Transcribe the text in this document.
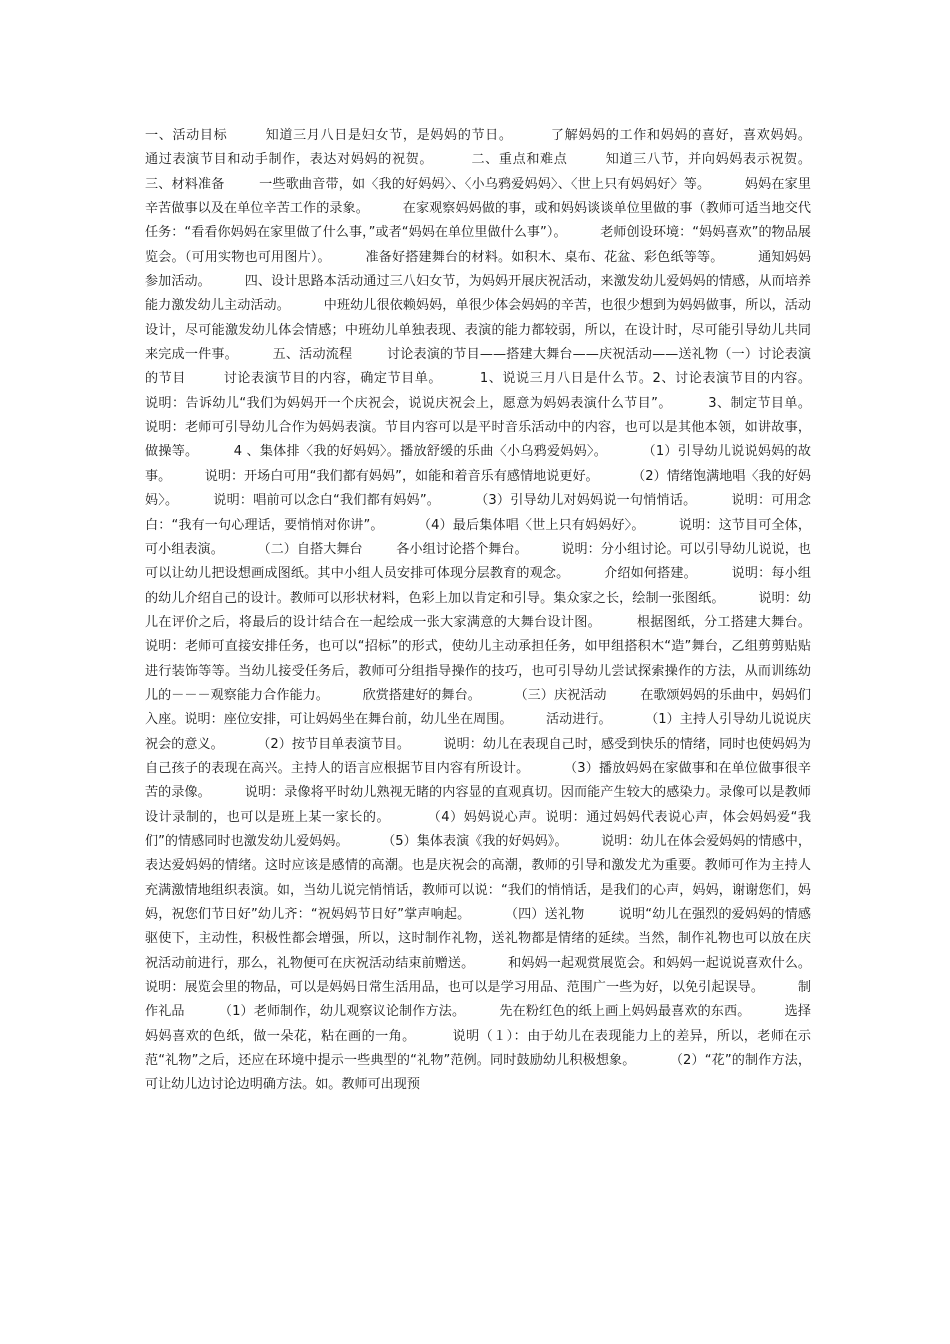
一、活动目标        知道三月八日是妇女节，是妈妈的节日。        了解妈妈的工作和妈妈的喜好，喜欢妈妈。        通过表演节目和动手制作，表达对妈妈的祝贺。        二、重点和难点        知道三八节，并向妈妈表示祝贺。        三、材料准备        一些歌曲音带，如〈我的好妈妈〉、〈小乌鸦爱妈妈〉、〈世上只有妈妈好〉等。        妈妈在家里辛苦做事以及在单位辛苦工作的录象。        在家观察妈妈做的事，或和妈妈谈谈单位里做的事（教师可适当地交代任务：“看看你妈妈在家里做了什么事，”或者“妈妈在单位里做什么事”）。        老师创设环境：“妈妈喜欢”的物品展览会。（可用实物也可用图片）。        准备好搭建舞台的材料。如积木、桌布、花盆、彩色纸等等。        通知妈妈参加活动。        四、设计思路本活动通过三八妇女节，为妈妈开展庆祝活动，来激发幼儿爱妈妈的情感，从而培养能力激发幼儿主动活动。        中班幼儿很依赖妈妈，单很少体会妈妈的辛苦，也很少想到为妈妈做事，所以，活动设计，尽可能激发幼儿体会情感；中班幼儿单独表现、表演的能力都较弱，所以，在设计时，尽可能引导幼儿共同来完成一件事。        五、活动流程        讨论表演的节目——搭建大舞台——庆祝活动——送礼物（一）讨论表演的节目        讨论表演节目的内容，确定节目单。        1、说说三月八日是什么节。2、讨论表演节目的内容。        说明：告诉幼儿“我们为妈妈开一个庆祝会，说说庆祝会上，愿意为妈妈表演什么节目”。        3、制定节目单。        说明：老师可引导幼儿合作为妈妈表演。节目内容可以是平时音乐活动中的内容，也可以是其他本领，如讲故事，做操等。        4 、集体排〈我的好妈妈〉。播放舒缓的乐曲〈小乌鸦爱妈妈〉。        （1）引导幼儿说说妈妈的故事。        说明：开场白可用“我们都有妈妈”，如能和着音乐有感情地说更好。        （2）情绪饱满地唱〈我的好妈妈〉。        说明：唱前可以念白“我们都有妈妈”。        （3）引导幼儿对妈妈说一句悄悄话。        说明：可用念白：“我有一句心理话，要悄悄对你讲”。        （4）最后集体唱〈世上只有妈妈好〉。        说明：这节目可全体，可小组表演。        （二）自搭大舞台        各小组讨论搭个舞台。        说明：分小组讨论。可以引导幼儿说说，也可以让幼儿把设想画成图纸。其中小组人员安排可体现分层教育的观念。        介绍如何搭建。        说明：每小组的幼儿介绍自己的设计。教师可以形状材料，色彩上加以肯定和引导。集众家之长，绘制一张图纸。        说明：幼儿在评价之后，将最后的设计结合在一起绘成一张大家满意的大舞台设计图。        根据图纸，分工搭建大舞台。        说明：老师可直接安排任务，也可以“招标”的形式，使幼儿主动承担任务，如甲组搭积木“造”舞台，乙组剪剪贴贴进行装饰等等。当幼儿接受任务后，教师可分组指导操作的技巧，也可引导幼儿尝试探索操作的方法，从而训练幼儿的－－－观察能力合作能力。        欣赏搭建好的舞台。        （三）庆祝活动        在歌颂妈妈的乐曲中，妈妈们入座。说明：座位安排，可让妈妈坐在舞台前，幼儿坐在周围。        活动进行。        （1）主持人引导幼儿说说庆祝会的意义。        （2）按节目单表演节目。        说明：幼儿在表现自己时，感受到快乐的情绪，同时也使妈妈为自己孩子的表现在高兴。主持人的语言应根据节目内容有所设计。        （3）播放妈妈在家做事和在单位做事很辛苦的录像。        说明：录像将平时幼儿熟视无睹的内容显的直观真切。因而能产生较大的感染力。录像可以是教师设计录制的，也可以是班上某一家长的。        （4）妈妈说心声。说明：通过妈妈代表说心声，体会妈妈爱“我们”的情感同时也激发幼儿爱妈妈。        （5）集体表演《我的好妈妈》。        说明：幼儿在体会爱妈妈的情感中，表达爱妈妈的情绪。这时应该是感情的高潮。也是庆祝会的高潮，教师的引导和激发尤为重要。教师可作为主持人充满激情地组织表演。如，当幼儿说完悄悄话，教师可以说：“我们的悄悄话，是我们的心声，妈妈，谢谢您们，妈妈，祝您们节日好”幼儿齐：“祝妈妈节日好”掌声响起。        （四）送礼物        说明“幼儿在强烈的爱妈妈的情感驱使下，主动性，积极性都会增强，所以，这时制作礼物，送礼物都是情绪的延续。当然，制作礼物也可以放在庆祝活动前进行，那么，礼物便可在庆祝活动结束前赠送。        和妈妈一起观赏展览会。和妈妈一起说说喜欢什么。        说明：展览会里的物品，可以是妈妈日常生活用品，也可以是学习用品、范围广一些为好，以免引起误导。        制作礼品        （1）老师制作，幼儿观察议论制作方法。        先在粉红色的纸上画上妈妈最喜欢的东西。        选择妈妈喜欢的色纸，做一朵花，粘在画的一角。        说明（１）：由于幼儿在表现能力上的差异，所以，老师在示范“礼物”之后，还应在环境中提示一些典型的“礼物”范例。同时鼓励幼儿积极想象。        （2）“花”的制作方法，可让幼儿边讨论边明确方法。如。教师可出现预
